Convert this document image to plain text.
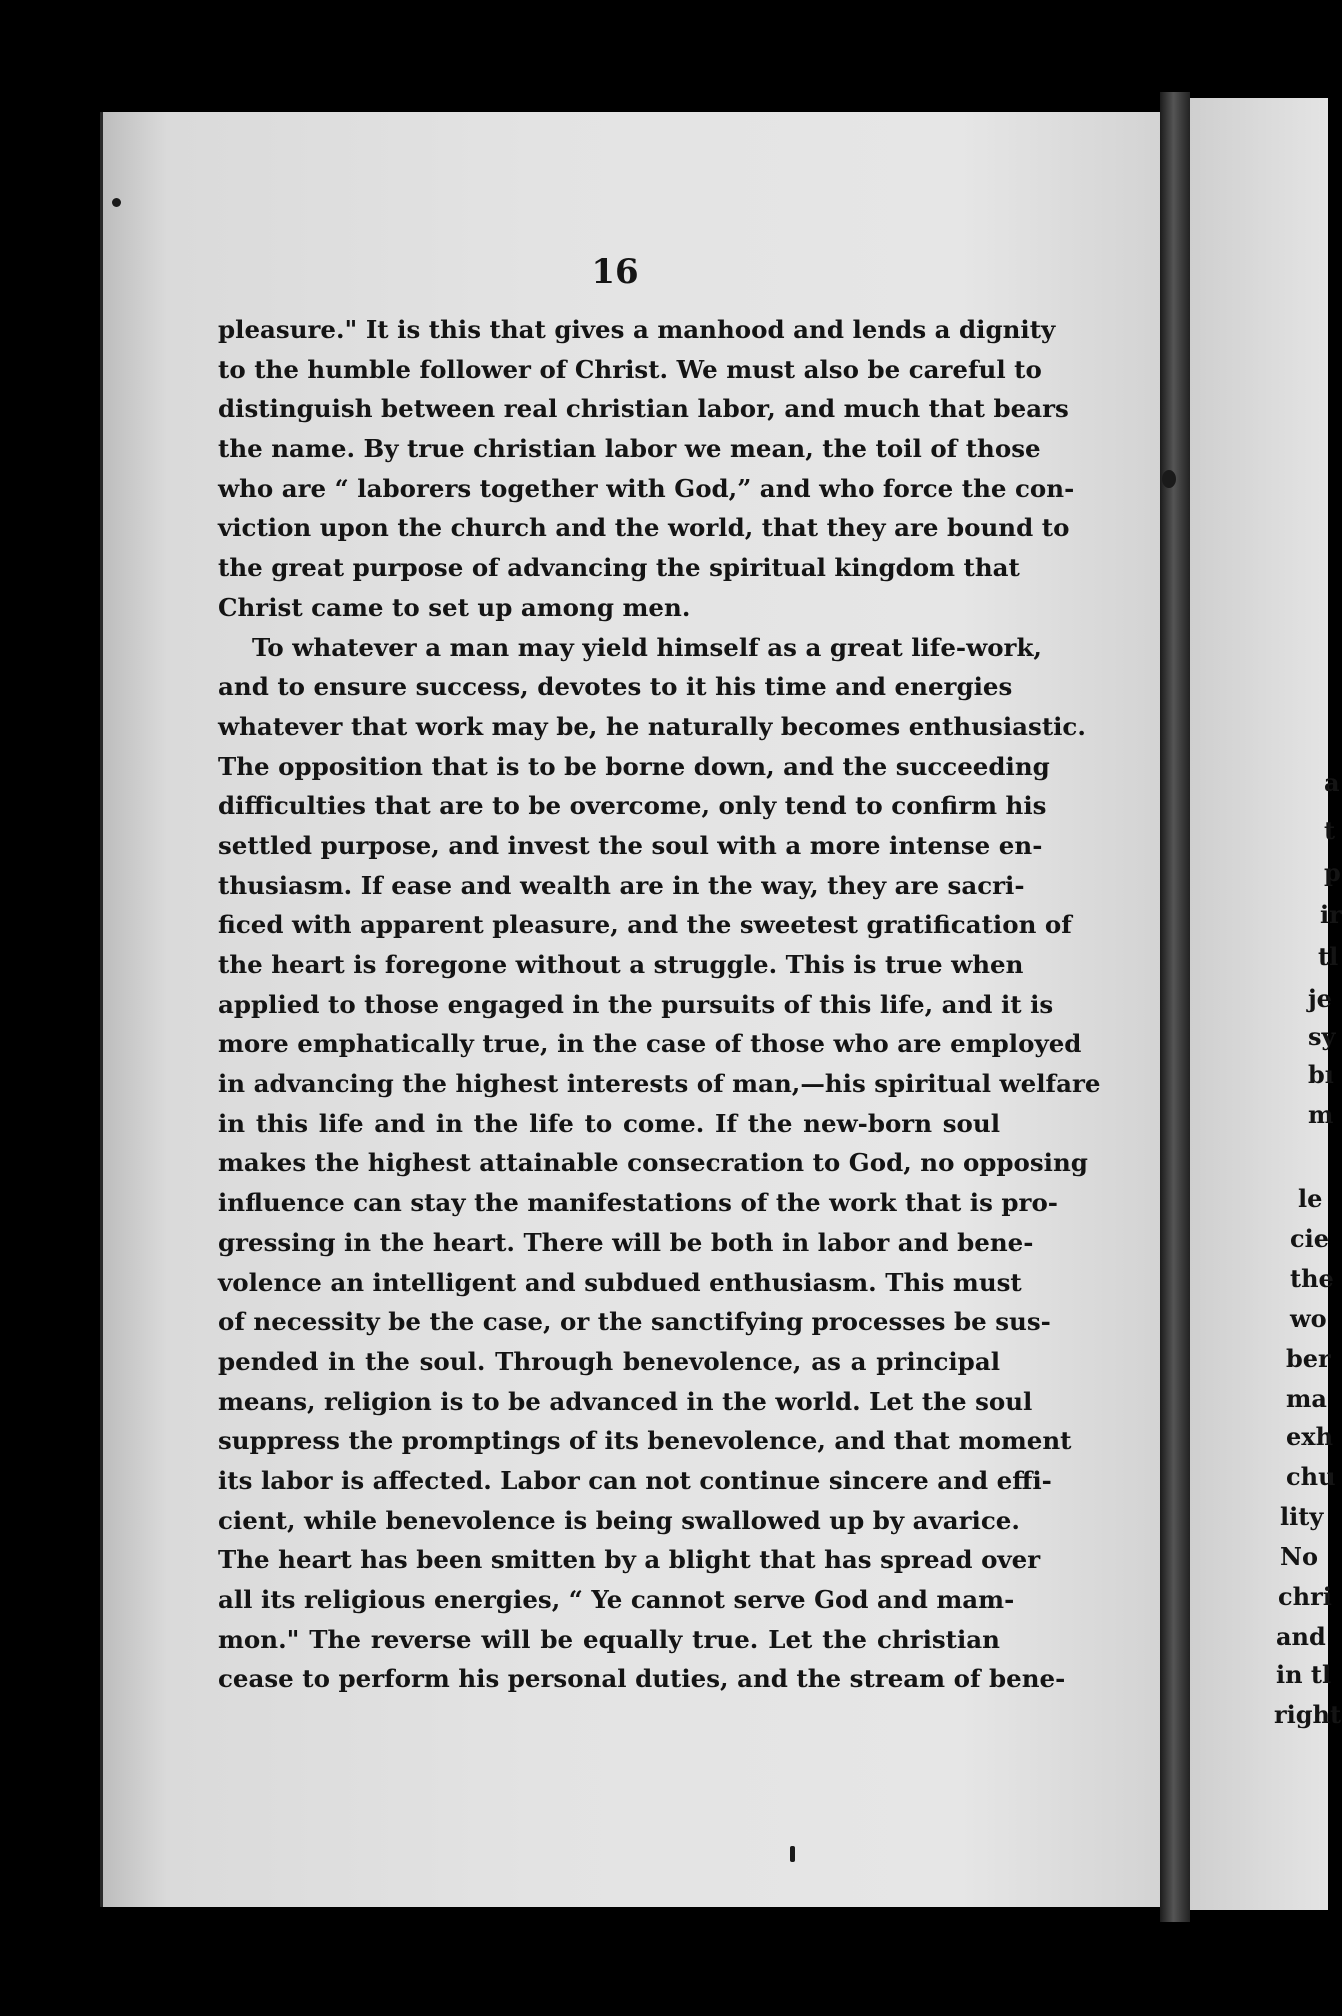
16
pleasure." It is this that gives a manhood and lends a dignity
to the humble follower of Christ. We must also be careful to
distinguish between real christian labor, and much that bears
the name. By true christian labor we mean, the toil of those
who are “ laborers together with God,” and who force the con-
viction upon the church and the world, that they are bound to
the great purpose of advancing the spiritual kingdom that
Christ came to set up among men.
To whatever a man may yield himself as a great life-work,
and to ensure success, devotes to it his time and energies
whatever that work may be, he naturally becomes enthusiastic.
The opposition that is to be borne down, and the succeeding
difficulties that are to be overcome, only tend to confirm his
settled purpose, and invest the soul with a more intense en-
thusiasm. If ease and wealth are in the way, they are sacri-
ficed with apparent pleasure, and the sweetest gratification of
the heart is foregone without a struggle. This is true when
applied to those engaged in the pursuits of this life, and it is
more emphatically true, in the case of those who are employed
in advancing the highest interests of man,—his spiritual welfare
in this life and in the life to come. If the new-born soul
makes the highest attainable consecration to God, no opposing
influence can stay the manifestations of the work that is pro-
gressing in the heart. There will be both in labor and bene-
volence an intelligent and subdued enthusiasm. This must
of necessity be the case, or the sanctifying processes be sus-
pended in the soul. Through benevolence, as a principal
means, religion is to be advanced in the world. Let the soul
suppress the promptings of its benevolence, and that moment
its labor is affected. Labor can not continue sincere and effi-
cient, while benevolence is being swallowed up by avarice.
The heart has been smitten by a blight that has spread over
all its religious energies, “ Ye cannot serve God and mam-
mon." The reverse will be equally true. Let the christian
cease to perform his personal duties, and the stream of bene-
a
t
p
ir
tl
je
sy
bı
m
le
cie
the
wo
ber
ma
exh
chu
lity
No
chri
and
in tl
right
